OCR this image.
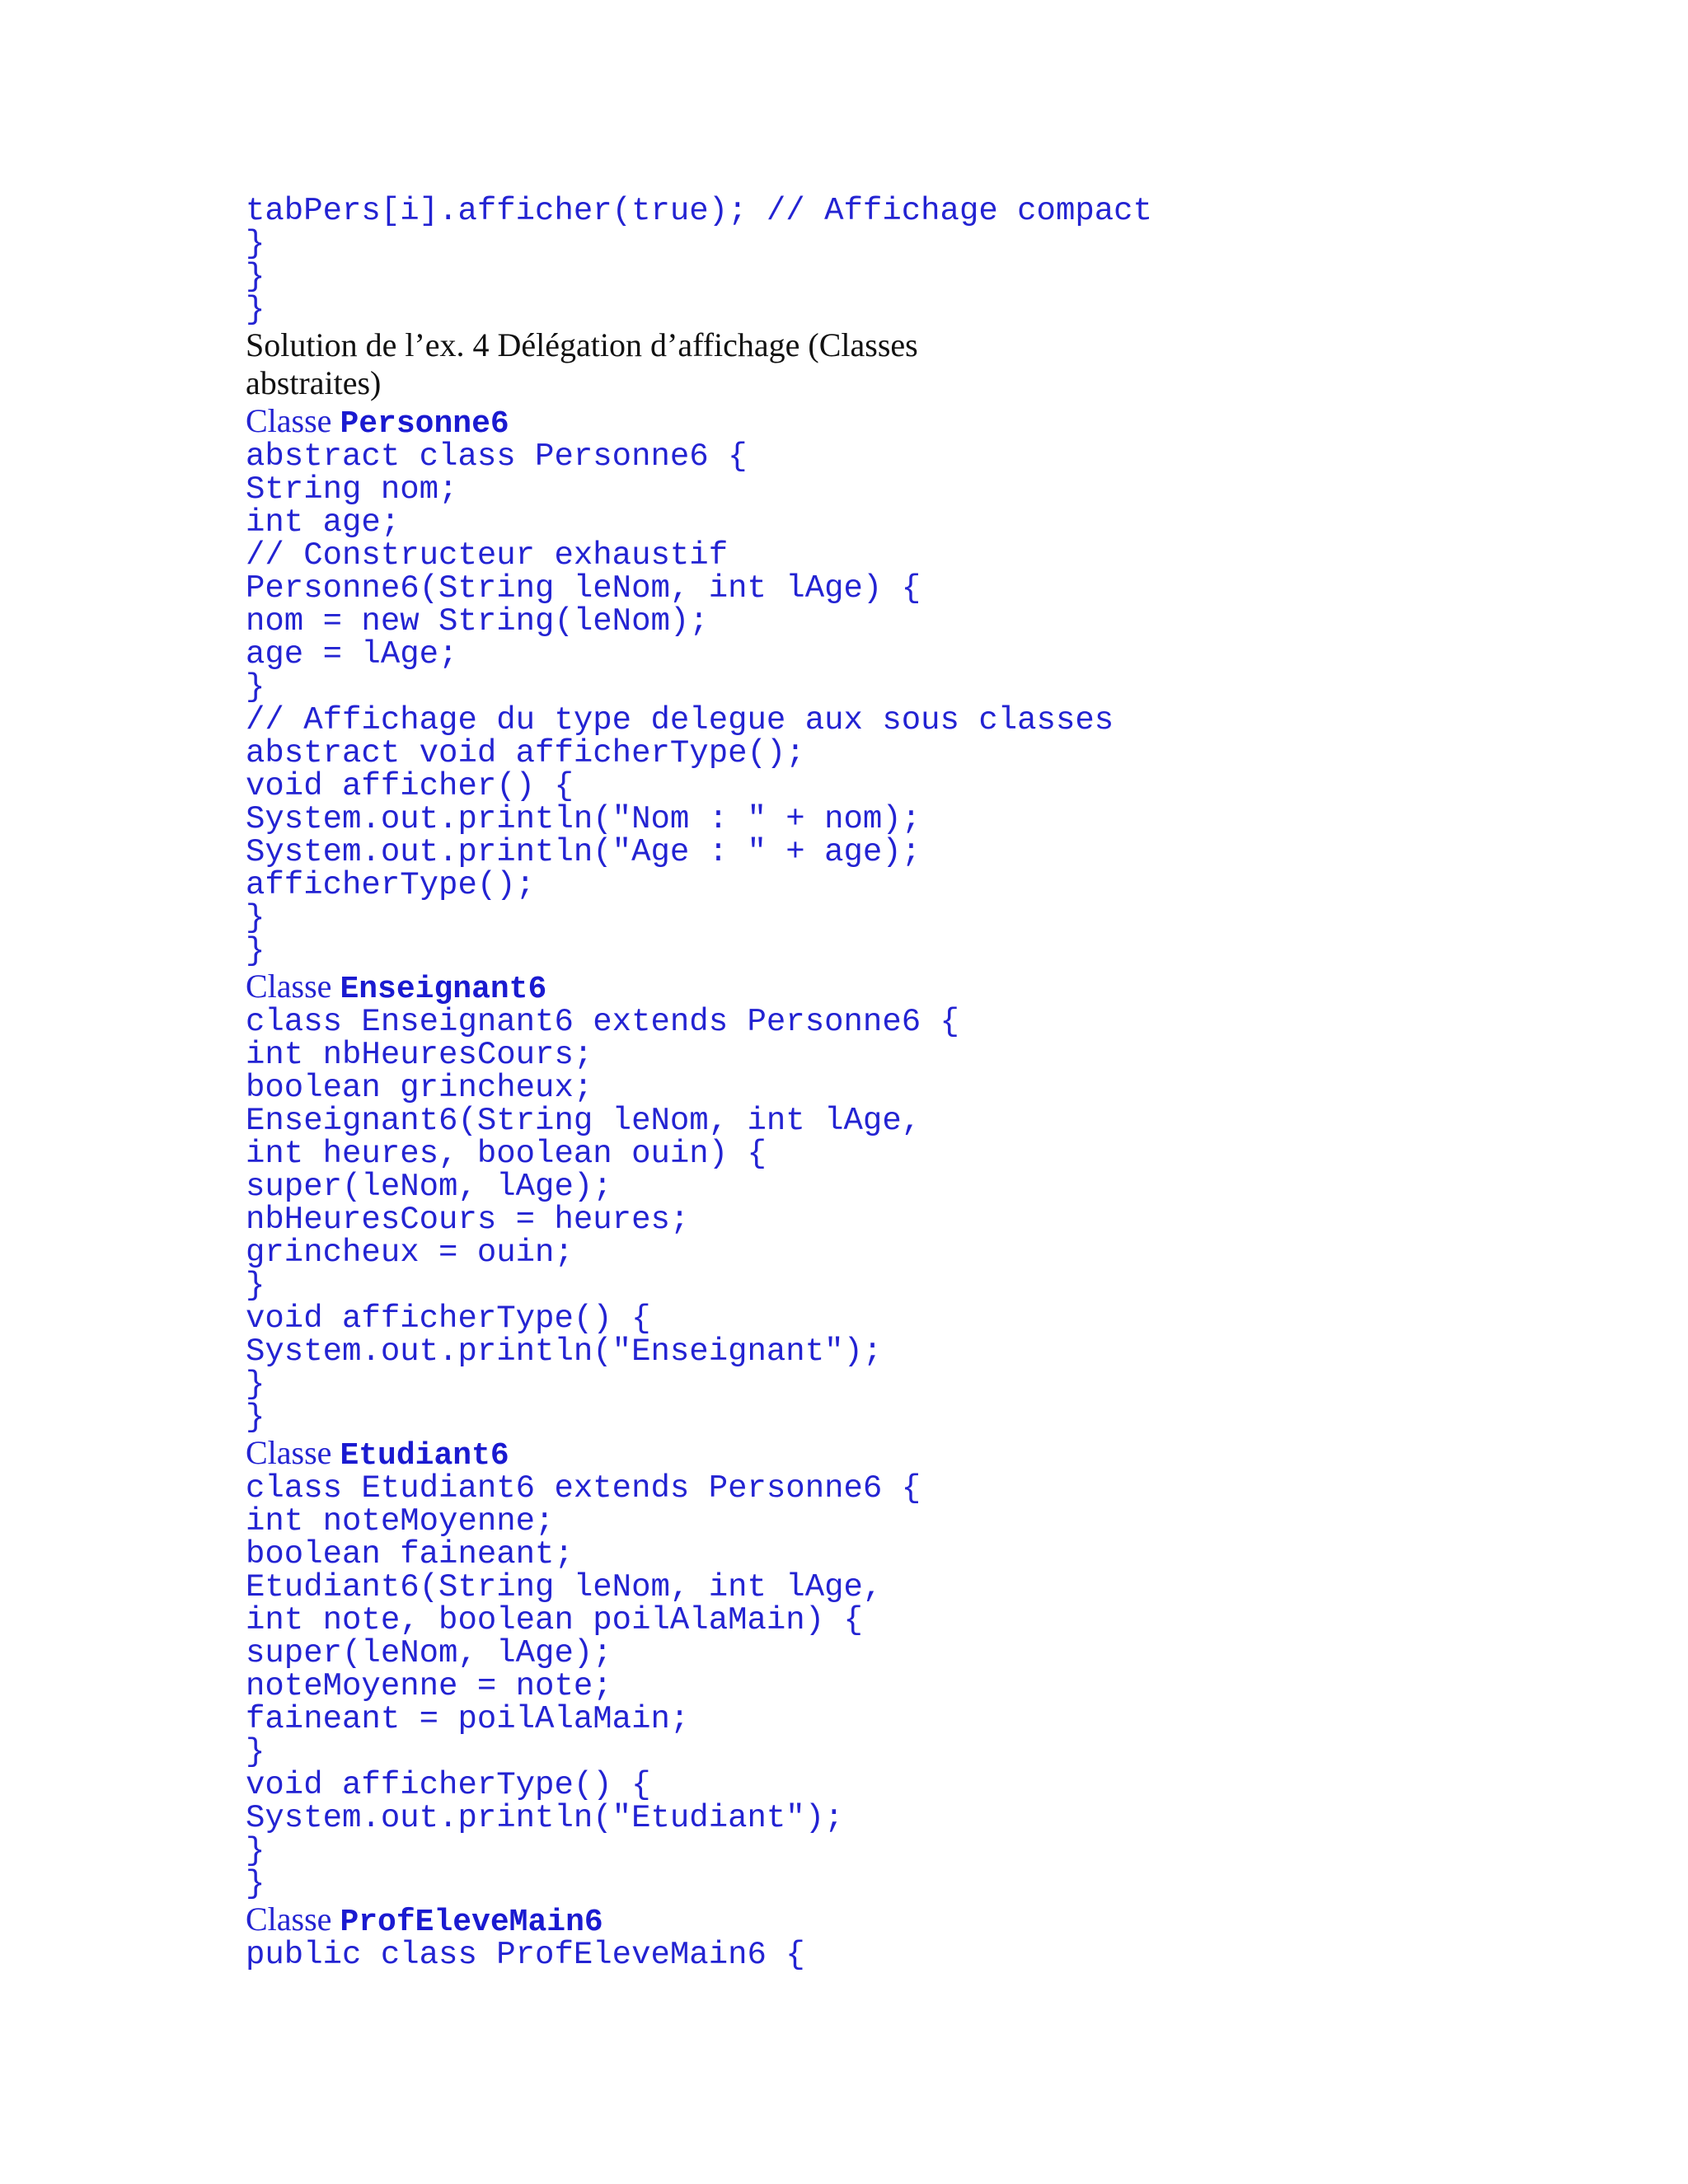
tabPers[i].afficher(true); // Affichage compact
}
}
}
Solution de l’ex. 4 Délégation d’affichage (Classes abstraites)
Classe Personne6
abstract class Personne6 {
String nom;
int age;
// Constructeur exhaustif
Personne6(String leNom, int lAge) {
nom = new String(leNom);
age = lAge;
}
// Affichage du type delegue aux sous classes
abstract void afficherType();
void afficher() {
System.out.println("Nom : " + nom);
System.out.println("Age : " + age);
afficherType();
}
}
Classe Enseignant6
class Enseignant6 extends Personne6 {
int nbHeuresCours;
boolean grincheux;
Enseignant6(String leNom, int lAge,
int heures, boolean ouin) {
super(leNom, lAge);
nbHeuresCours = heures;
grincheux = ouin;
}
void afficherType() {
System.out.println("Enseignant");
}
}
Classe Etudiant6
class Etudiant6 extends Personne6 {
int noteMoyenne;
boolean faineant;
Etudiant6(String leNom, int lAge,
int note, boolean poilAlaMain) {
super(leNom, lAge);
noteMoyenne = note;
faineant = poilAlaMain;
}
void afficherType() {
System.out.println("Etudiant");
}
}
Classe ProfEleveMain6
public class ProfEleveMain6 {
